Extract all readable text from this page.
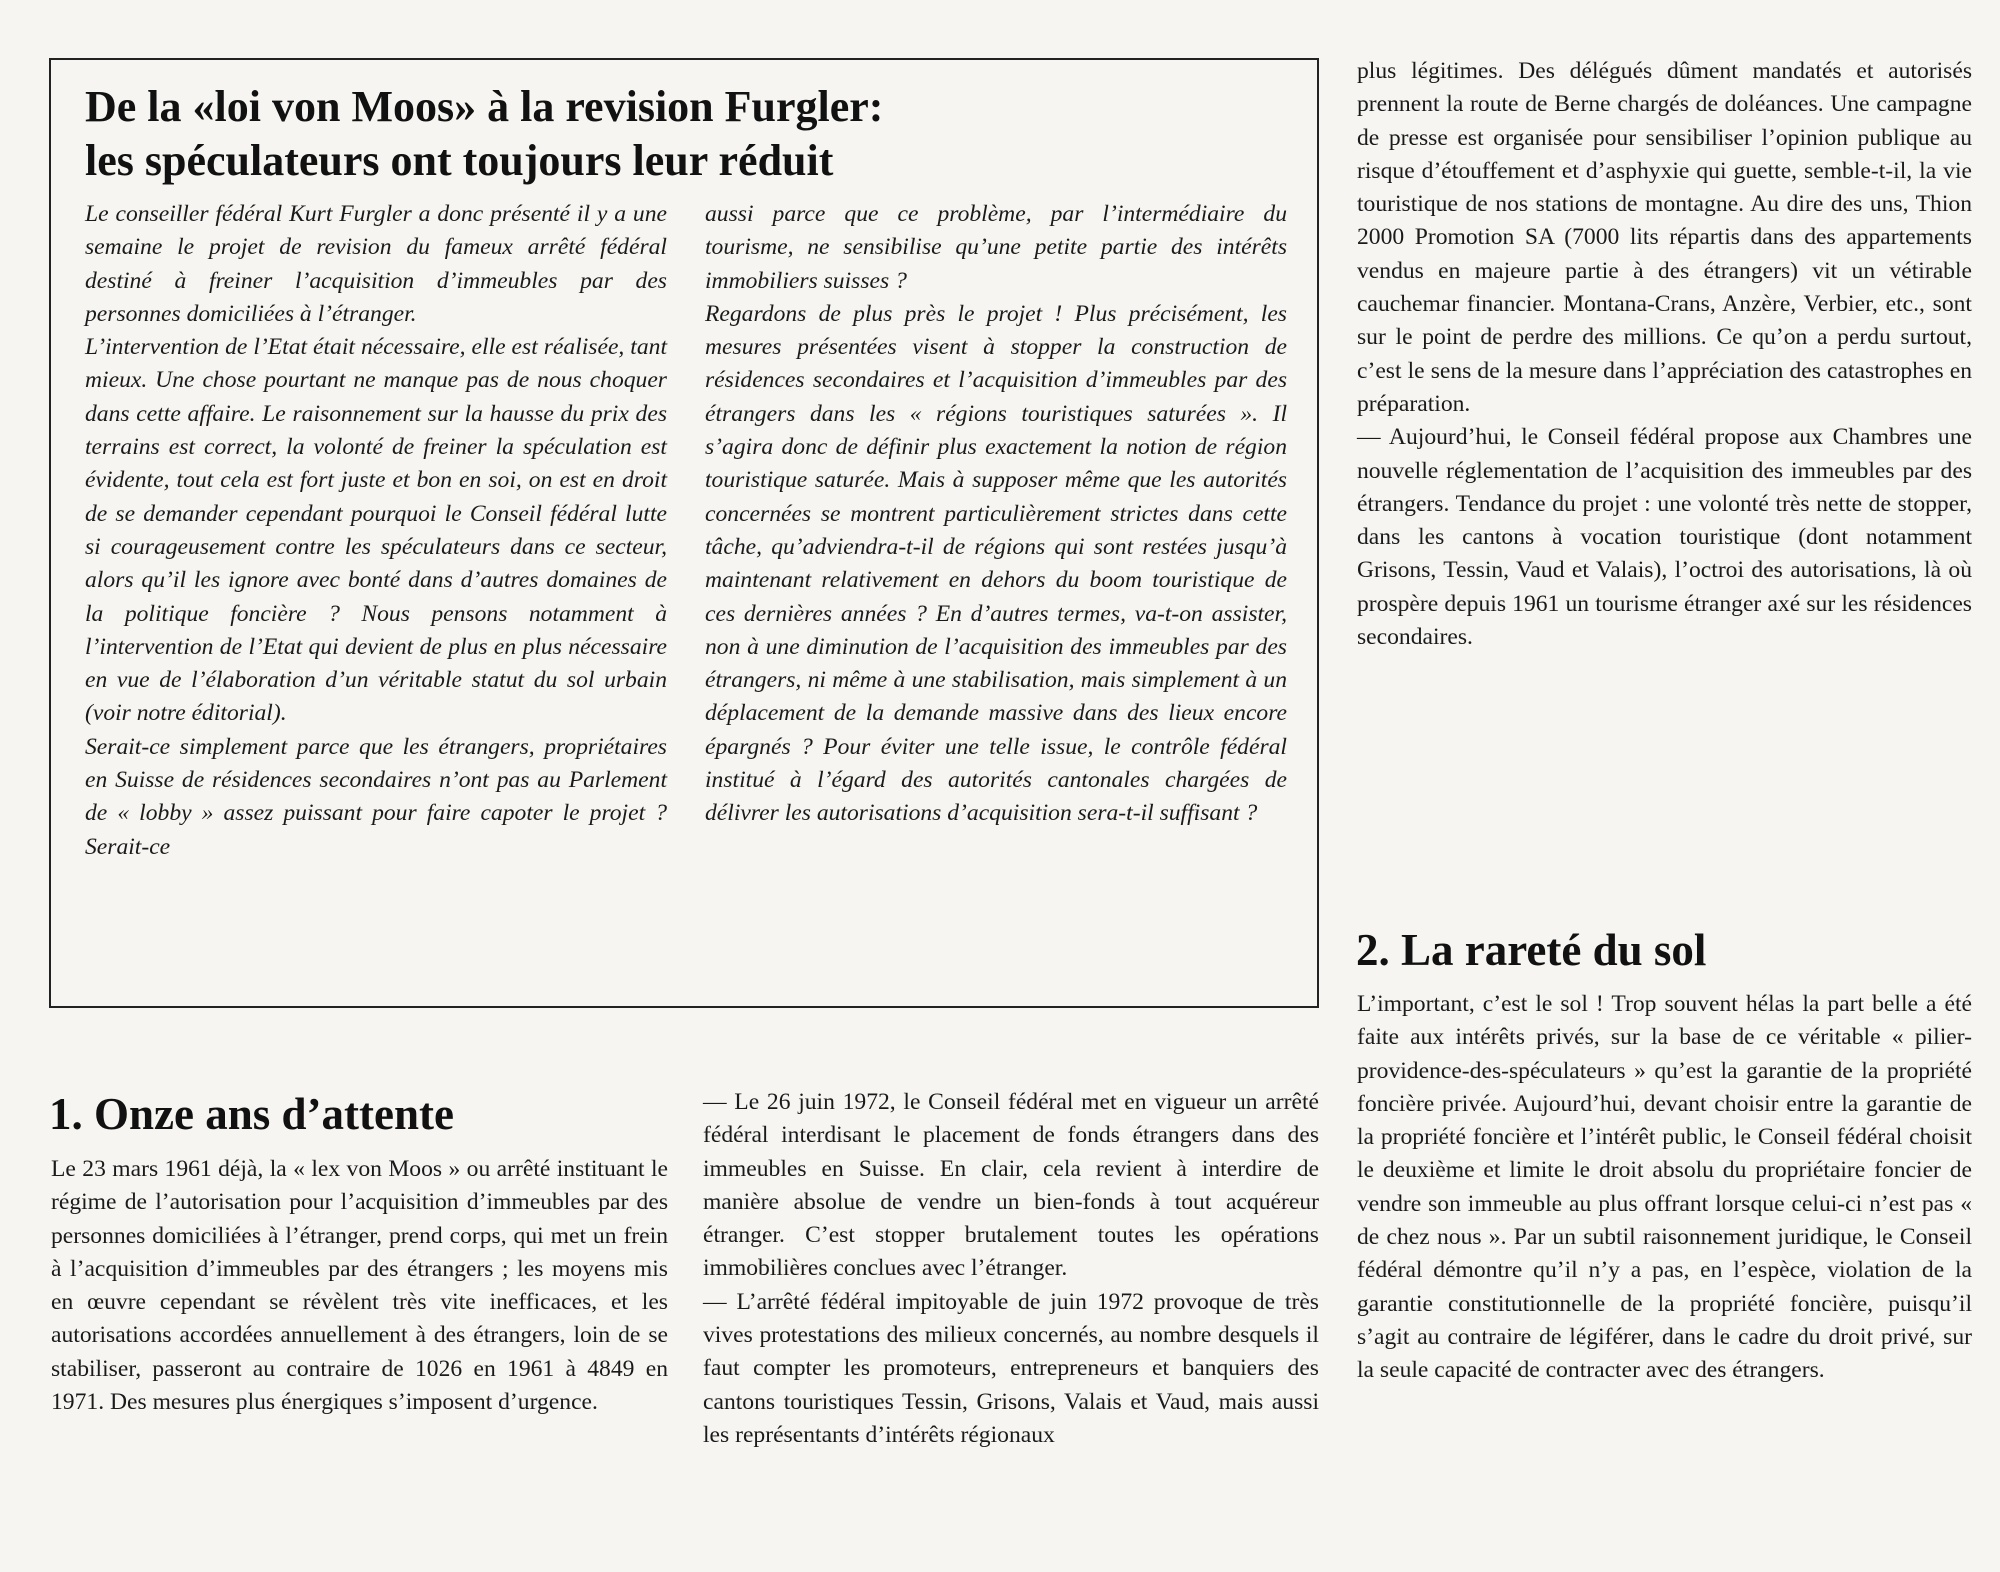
De la «loi von Moos» à la revision Furgler:
les spéculateurs ont toujours leur réduit

Le conseiller fédéral Kurt Furgler a donc présenté il y a une semaine le projet de revision du fameux arrêté fédéral destiné à freiner l’acquisition d’immeubles par des personnes domiciliées à l’étranger.

L’intervention de l’Etat était nécessaire, elle est réalisée, tant mieux. Une chose pourtant ne manque pas de nous choquer dans cette affaire. Le raisonnement sur la hausse du prix des terrains est correct, la volonté de freiner la spéculation est évidente, tout cela est fort juste et bon en soi, on est en droit de se demander cependant pourquoi le Conseil fédéral lutte si courageusement contre les spéculateurs dans ce secteur, alors qu’il les ignore avec bonté dans d’autres domaines de la politique foncière ? Nous pensons notamment à l’intervention de l’Etat qui devient de plus en plus nécessaire en vue de l’élaboration d’un véritable statut du sol urbain (voir notre éditorial).

Serait-ce simplement parce que les étrangers, propriétaires en Suisse de résidences secondaires n’ont pas au Parlement de « lobby » assez puissant pour faire capoter le projet ? Serait-ce

aussi parce que ce problème, par l’intermédiaire du tourisme, ne sensibilise qu’une petite partie des intérêts immobiliers suisses ?

Regardons de plus près le projet ! Plus précisément, les mesures présentées visent à stopper la construction de résidences secondaires et l’acquisition d’immeubles par des étrangers dans les « régions touristiques saturées ». Il s’agira donc de définir plus exactement la notion de région touristique saturée. Mais à supposer même que les autorités concernées se montrent particulièrement strictes dans cette tâche, qu’adviendra-t-il de régions qui sont restées jusqu’à maintenant relativement en dehors du boom touristique de ces dernières années ? En d’autres termes, va-t-on assister, non à une diminution de l’acquisition des immeubles par des étrangers, ni même à une stabilisation, mais simplement à un déplacement de la demande massive dans des lieux encore épargnés ? Pour éviter une telle issue, le contrôle fédéral institué à l’égard des autorités cantonales chargées de délivrer les autorisations d’acquisition sera-t-il suffisant ?

plus légitimes. Des délégués dûment mandatés et autorisés prennent la route de Berne chargés de doléances. Une campagne de presse est organisée pour sensibiliser l’opinion publique au risque d’étouffement et d’asphyxie qui guette, semble-t-il, la vie touristique de nos stations de montagne. Au dire des uns, Thion 2000 Promotion SA (7000 lits répartis dans des appartements vendus en majeure partie à des étrangers) vit un vétirable cauchemar financier. Montana-Crans, Anzère, Verbier, etc., sont sur le point de perdre des millions. Ce qu’on a perdu surtout, c’est le sens de la mesure dans l’appréciation des catastrophes en préparation.

— Aujourd’hui, le Conseil fédéral propose aux Chambres une nouvelle réglementation de l’acquisition des immeubles par des étrangers. Tendance du projet : une volonté très nette de stopper, dans les cantons à vocation touristique (dont notamment Grisons, Tessin, Vaud et Valais), l’octroi des autorisations, là où prospère depuis 1961 un tourisme étranger axé sur les résidences secondaires.

1. Onze ans d’attente

Le 23 mars 1961 déjà, la « lex von Moos » ou arrêté instituant le régime de l’autorisation pour l’acquisition d’immeubles par des personnes domiciliées à l’étranger, prend corps, qui met un frein à l’acquisition d’immeubles par des étrangers ; les moyens mis en œuvre cependant se révèlent très vite inefficaces, et les autorisations accordées annuellement à des étrangers, loin de se stabiliser, passeront au contraire de 1026 en 1961 à 4849 en 1971. Des mesures plus énergiques s’imposent d’urgence.

— Le 26 juin 1972, le Conseil fédéral met en vigueur un arrêté fédéral interdisant le placement de fonds étrangers dans des immeubles en Suisse. En clair, cela revient à interdire de manière absolue de vendre un bien-fonds à tout acquéreur étranger. C’est stopper brutalement toutes les opérations immobilières conclues avec l’étranger.

— L’arrêté fédéral impitoyable de juin 1972 provoque de très vives protestations des milieux concernés, au nombre desquels il faut compter les promoteurs, entrepreneurs et banquiers des cantons touristiques Tessin, Grisons, Valais et Vaud, mais aussi les représentants d’intérêts régionaux

2. La rareté du sol

L’important, c’est le sol ! Trop souvent hélas la part belle a été faite aux intérêts privés, sur la base de ce véritable « pilier-providence-des-spéculateurs » qu’est la garantie de la propriété foncière privée. Aujourd’hui, devant choisir entre la garantie de la propriété foncière et l’intérêt public, le Conseil fédéral choisit le deuxième et limite le droit absolu du propriétaire foncier de vendre son immeuble au plus offrant lorsque celui-ci n’est pas « de chez nous ». Par un subtil raisonnement juridique, le Conseil fédéral démontre qu’il n’y a pas, en l’espèce, violation de la garantie constitutionnelle de la propriété foncière, puisqu’il s’agit au contraire de légiférer, dans le cadre du droit privé, sur la seule capacité de contracter avec des étrangers.
